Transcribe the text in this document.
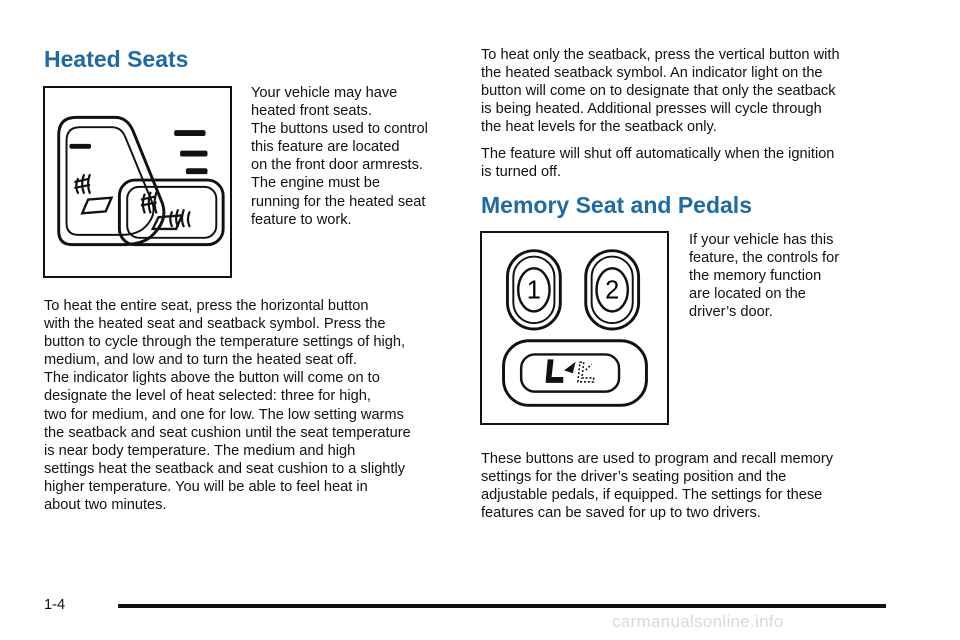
Heated Seats

Your vehicle may have
heated front seats.
The buttons used to control
this feature are located
on the front door armrests.
The engine must be
running for the heated seat
feature to work.

To heat the entire seat, press the horizontal button
with the heated seat and seatback symbol. Press the
button to cycle through the temperature settings of high,
medium, and low and to turn the heated seat off.
The indicator lights above the button will come on to
designate the level of heat selected: three for high,
two for medium, and one for low. The low setting warms
the seatback and seat cushion until the seat temperature
is near body temperature. The medium and high
settings heat the seatback and seat cushion to a slightly
higher temperature. You will be able to feel heat in
about two minutes.

To heat only the seatback, press the vertical button with
the heated seatback symbol. An indicator light on the
button will come on to designate that only the seatback
is being heated. Additional presses will cycle through
the heat levels for the seatback only.

The feature will shut off automatically when the ignition
is turned off.

Memory Seat and Pedals
1 2

If your vehicle has this
feature, the controls for
the memory function
are located on the
driver’s door.

These buttons are used to program and recall memory
settings for the driver’s seating position and the
adjustable pedals, if equipped. The settings for these
features can be saved for up to two drivers.

1-4
carmanualsonline.info
